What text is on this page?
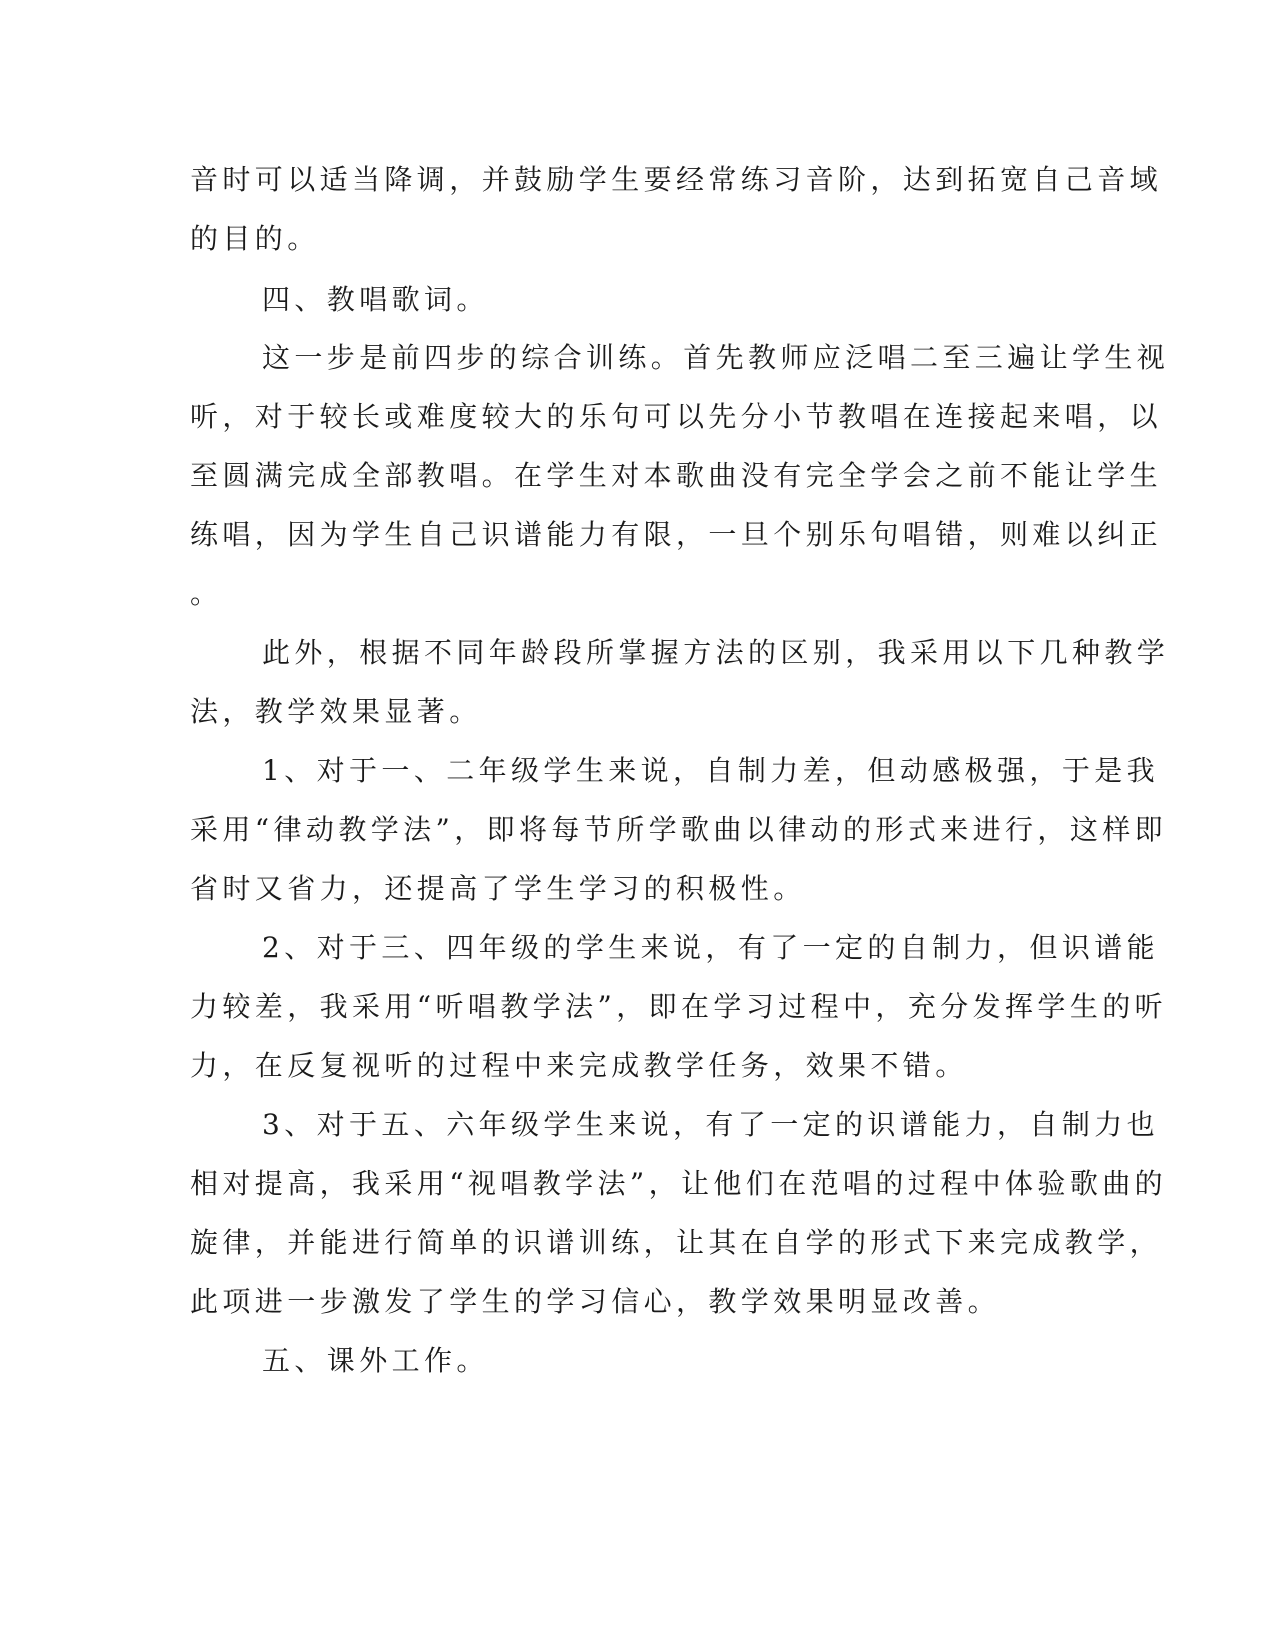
音时可以适当降调，并鼓励学生要经常练习音阶，达到拓宽自己音域
的目的。
四、教唱歌词。
这一步是前四步的综合训练。首先教师应泛唱二至三遍让学生视
听，对于较长或难度较大的乐句可以先分小节教唱在连接起来唱，以
至圆满完成全部教唱。在学生对本歌曲没有完全学会之前不能让学生
练唱，因为学生自己识谱能力有限，一旦个别乐句唱错，则难以纠正
。
此外，根据不同年龄段所掌握方法的区别，我采用以下几种教学
法，教学效果显著。
1、对于一、二年级学生来说，自制力差，但动感极强，于是我
采用“律动教学法”，即将每节所学歌曲以律动的形式来进行，这样即
省时又省力，还提高了学生学习的积极性。
2、对于三、四年级的学生来说，有了一定的自制力，但识谱能
力较差，我采用“听唱教学法”，即在学习过程中，充分发挥学生的听
力，在反复视听的过程中来完成教学任务，效果不错。
3、对于五、六年级学生来说，有了一定的识谱能力，自制力也
相对提高，我采用“视唱教学法”，让他们在范唱的过程中体验歌曲的
旋律，并能进行简单的识谱训练，让其在自学的形式下来完成教学，
此项进一步激发了学生的学习信心，教学效果明显改善。
五、课外工作。
